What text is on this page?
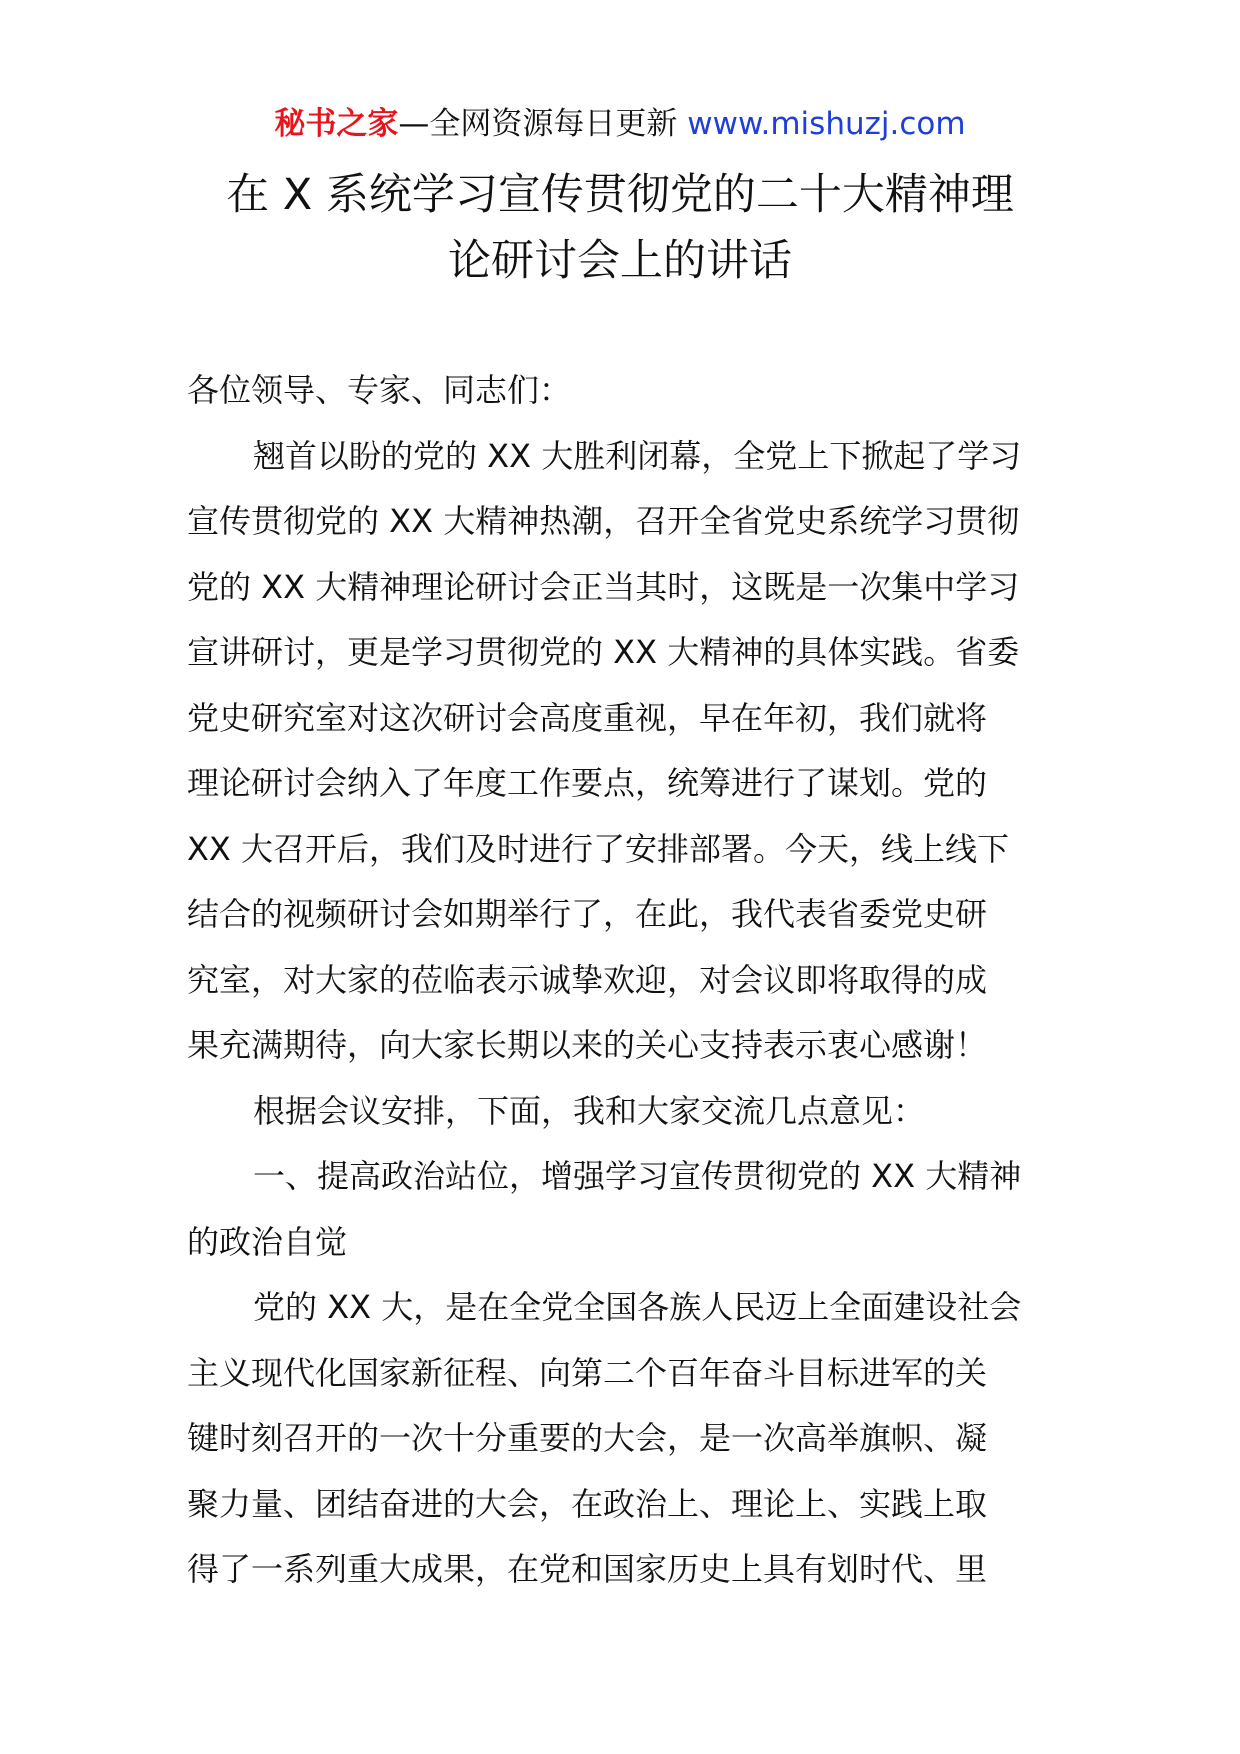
秘书之家—全网资源每日更新 www.mishuzj.com
在 X 系统学习宣传贯彻党的二十大精神理
论研讨会上的讲话
各位领导、专家、同志们：
翘首以盼的党的 XX 大胜利闭幕，全党上下掀起了学习
宣传贯彻党的 XX 大精神热潮，召开全省党史系统学习贯彻
党的 XX 大精神理论研讨会正当其时，这既是一次集中学习
宣讲研讨，更是学习贯彻党的 XX 大精神的具体实践。省委
党史研究室对这次研讨会高度重视，早在年初，我们就将
理论研讨会纳入了年度工作要点，统筹进行了谋划。党的
XX 大召开后，我们及时进行了安排部署。今天，线上线下
结合的视频研讨会如期举行了，在此，我代表省委党史研
究室，对大家的莅临表示诚挚欢迎，对会议即将取得的成
果充满期待，向大家长期以来的关心支持表示衷心感谢！
根据会议安排，下面，我和大家交流几点意见：
一、提高政治站位，增强学习宣传贯彻党的 XX 大精神
的政治自觉
党的 XX 大，是在全党全国各族人民迈上全面建设社会
主义现代化国家新征程、向第二个百年奋斗目标进军的关
键时刻召开的一次十分重要的大会，是一次高举旗帜、凝
聚力量、团结奋进的大会，在政治上、理论上、实践上取
得了一系列重大成果，在党和国家历史上具有划时代、里
